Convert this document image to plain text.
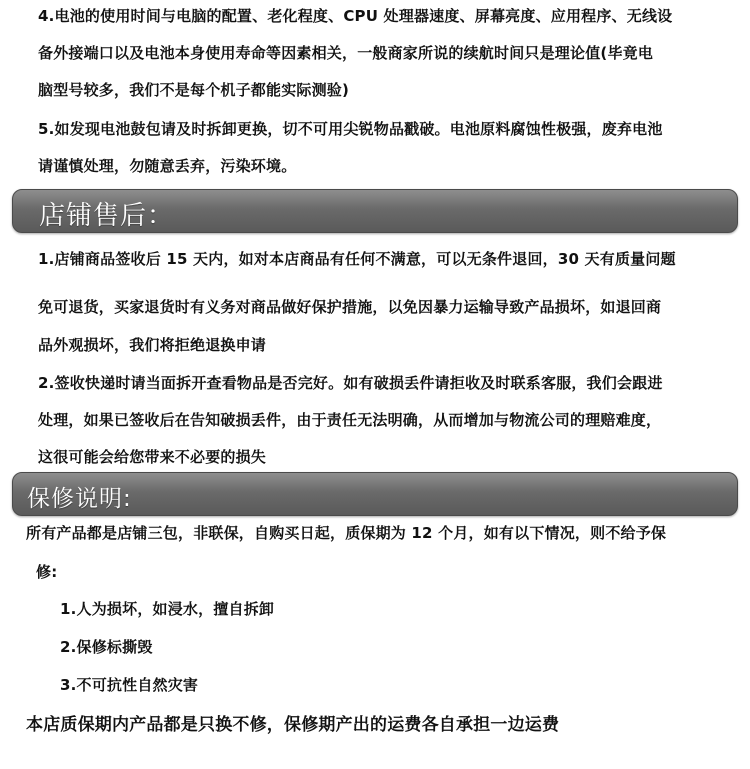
4.电池的使用时间与电脑的配置、老化程度、CPU 处理器速度、屏幕亮度、应用程序、无线设
备外接端口以及电池本身使用寿命等因素相关，一般商家所说的续航时间只是理论值(毕竟电
脑型号较多，我们不是每个机子都能实际测验)
5.如发现电池鼓包请及时拆卸更换，切不可用尖锐物品戳破。电池原料腐蚀性极强，废弃电池
请谨慎处理，勿随意丢弃，污染环境。
店铺售后：
1.店铺商品签收后 15 天内，如对本店商品有任何不满意，可以无条件退回，30 天有质量问题
免可退货，买家退货时有义务对商品做好保护措施，以免因暴力运输导致产品损坏，如退回商
品外观损坏，我们将拒绝退换申请
2.签收快递时请当面拆开查看物品是否完好。如有破损丢件请拒收及时联系客服，我们会跟进
处理，如果已签收后在告知破损丢件，由于责任无法明确，从而增加与物流公司的理赔难度，
这很可能会给您带来不必要的损失
保修说明:
所有产品都是店铺三包，非联保，自购买日起，质保期为 12 个月，如有以下情况，则不给予保
修:
1.人为损坏，如浸水，擅自拆卸
2.保修标撕毁
3.不可抗性自然灾害
本店质保期内产品都是只换不修，保修期产出的运费各自承担一边运费
